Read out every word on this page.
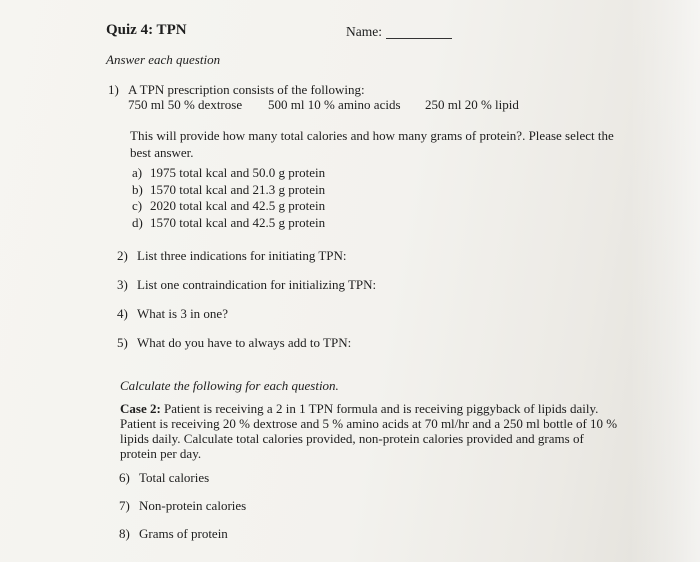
Quiz 4: TPN	Name:
Answer each question
1) A TPN prescription consists of the following:
750 ml 50 % dextrose 500 ml 10 % amino acids 250 ml 20 % lipid
This will provide how many total calories and how many grams of protein?. Please select the best answer.
a) 1975 total kcal and 50.0 g protein
b) 1570 total kcal and 21.3 g protein
c) 2020 total kcal and 42.5 g protein
d) 1570 total kcal and 42.5 g protein
2) List three indications for initiating TPN:
3) List one contraindication for initializing TPN:
4) What is 3 in one?
5) What do you have to always add to TPN:
Calculate the following for each question.
Case 2: Patient is receiving a 2 in 1 TPN formula and is receiving piggyback of lipids daily. Patient is receiving 20 % dextrose and 5 % amino acids at 70 ml/hr and a 250 ml bottle of 10 % lipids daily. Calculate total calories provided, non-protein calories provided and grams of protein per day.
6) Total calories
7) Non-protein calories
8) Grams of protein
